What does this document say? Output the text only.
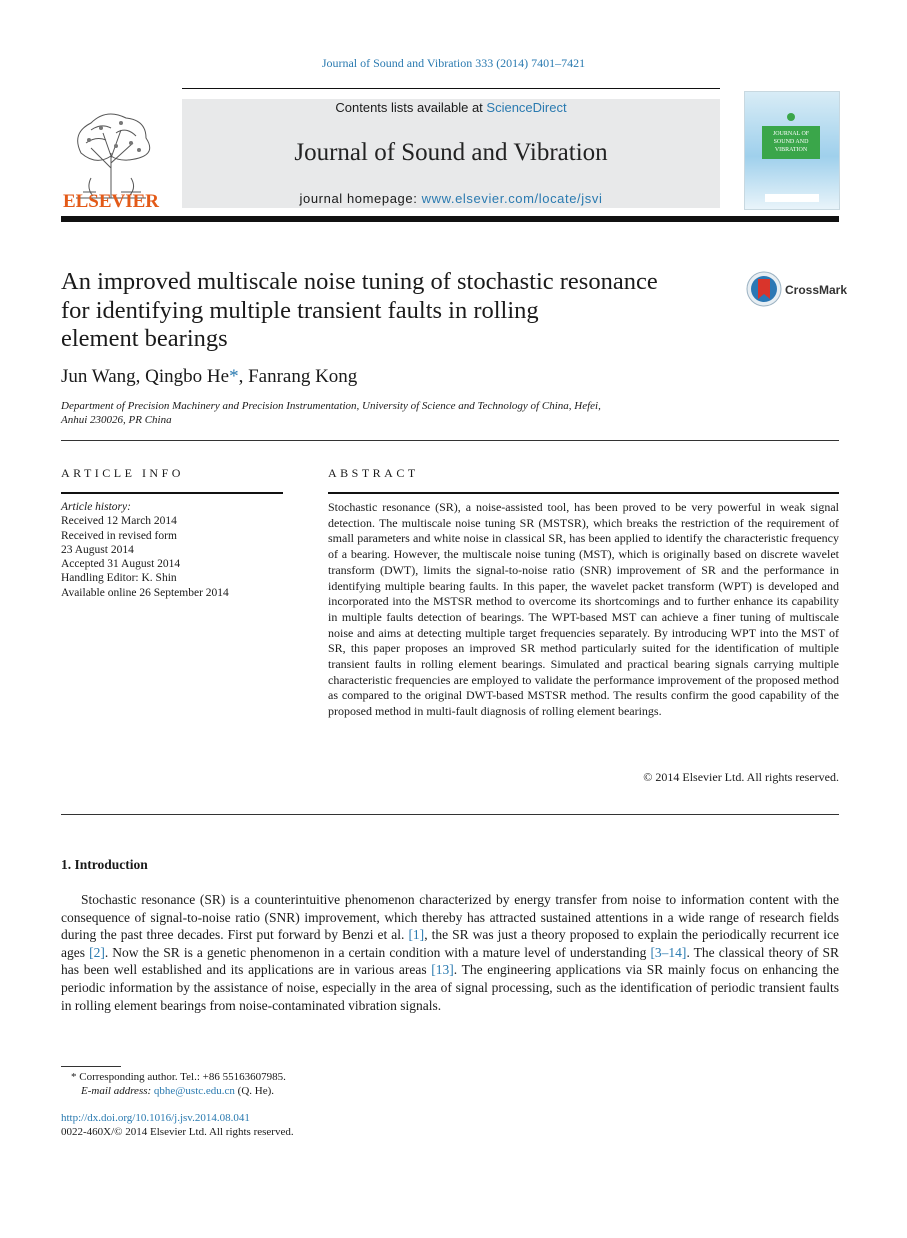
Journal of Sound and Vibration 333 (2014) 7401–7421
ELSEVIER
Contents lists available at ScienceDirect
Journal of Sound and Vibration
journal homepage: www.elsevier.com/locate/jsvi
JOURNAL OF SOUND AND VIBRATION
An improved multiscale noise tuning of stochastic resonance
for identifying multiple transient faults in rolling
element bearings
CrossMark
Jun Wang, Qingbo He*, Fanrang Kong
Department of Precision Machinery and Precision Instrumentation, University of Science and Technology of China, Hefei,
Anhui 230026, PR China
ARTICLE INFO
Article history:
Received 12 March 2014
Received in revised form
23 August 2014
Accepted 31 August 2014
Handling Editor: K. Shin
Available online 26 September 2014
ABSTRACT
Stochastic resonance (SR), a noise-assisted tool, has been proved to be very powerful in weak signal detection. The multiscale noise tuning SR (MSTSR), which breaks the restriction of the requirement of small parameters and white noise in classical SR, has been applied to identify the characteristic frequency of a bearing. However, the multiscale noise tuning (MST), which is originally based on discrete wavelet transform (DWT), limits the signal-to-noise ratio (SNR) improvement of SR and the performance in identifying multiple bearing faults. In this paper, the wavelet packet transform (WPT) is developed and incorporated into the MSTSR method to overcome its shortcomings and to further enhance its capability in multiple faults detection of bearings. The WPT-based MST can achieve a finer tuning of multiscale noise and aims at detecting multiple target frequencies separately. By introducing WPT into the MST of SR, this paper proposes an improved SR method particularly suited for the identification of multiple transient faults in rolling element bearings. Simulated and practical bearing signals carrying multiple characteristic frequencies are employed to validate the performance improvement of the proposed method as compared to the original DWT-based MSTSR method. The results confirm the good capability of the proposed method in multi-fault diagnosis of rolling element bearings.
© 2014 Elsevier Ltd. All rights reserved.
1. Introduction
Stochastic resonance (SR) is a counterintuitive phenomenon characterized by energy transfer from noise to information content with the consequence of signal-to-noise ratio (SNR) improvement, which thereby has attracted sustained attentions in a wide range of research fields during the past three decades. First put forward by Benzi et al. [1], the SR was just a theory proposed to explain the periodically recurrent ice ages [2]. Now the SR is a genetic phenomenon in a certain condition with a mature level of understanding [3–14]. The classical theory of SR has been well established and its applications are in various areas [13]. The engineering applications via SR mainly focus on enhancing the periodic information by the assistance of noise, especially in the area of signal processing, such as the identification of periodic transient faults in rolling element bearings from noise-contaminated vibration signals.
* Corresponding author. Tel.: +86 55163607985.
E-mail address: qbhe@ustc.edu.cn (Q. He).
http://dx.doi.org/10.1016/j.jsv.2014.08.041
0022-460X/© 2014 Elsevier Ltd. All rights reserved.
